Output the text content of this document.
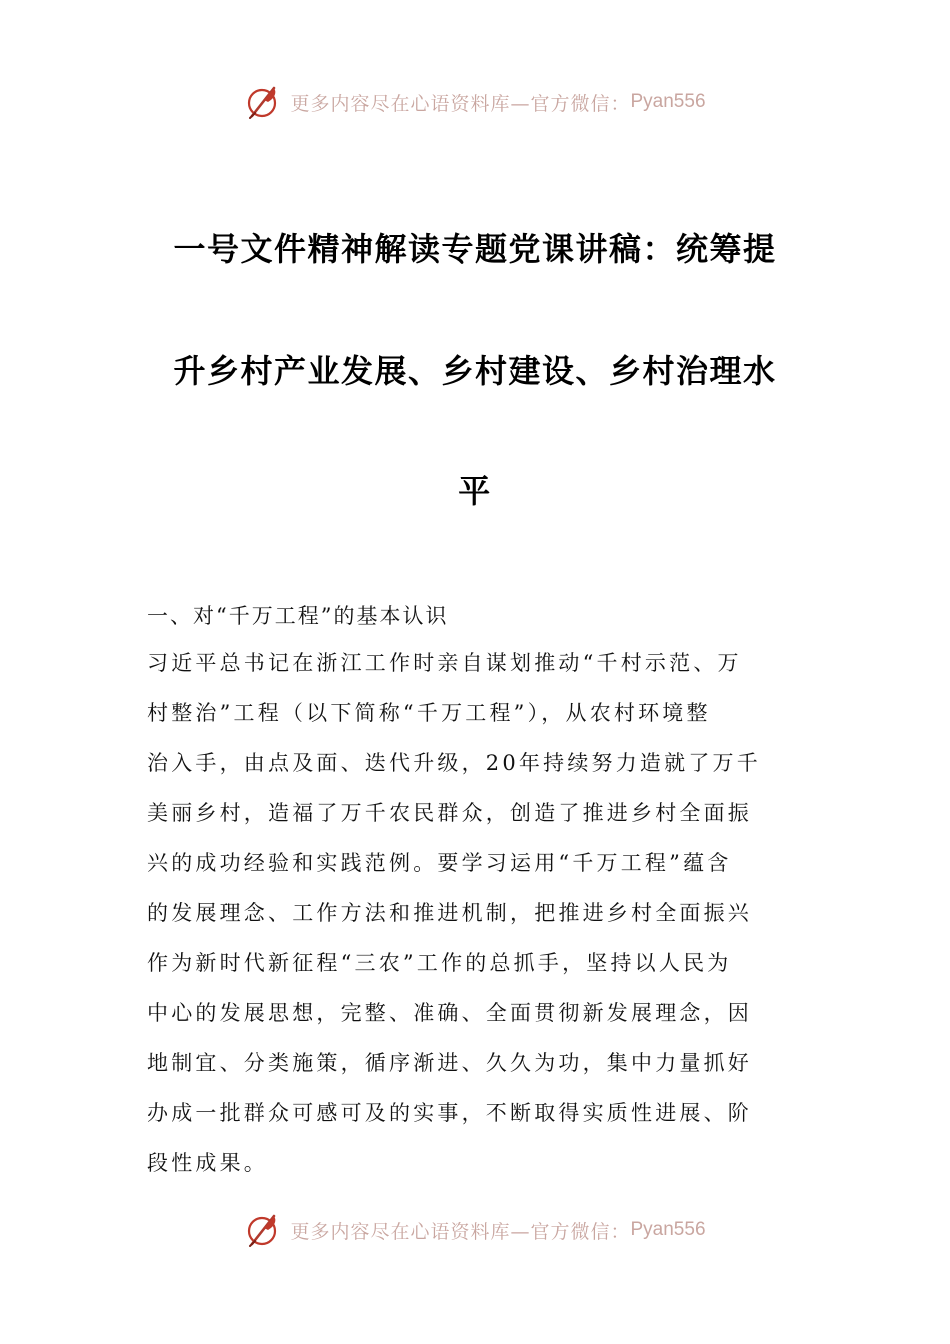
更多内容尽在心语资料库—官方微信： Pyan556
一号文件精神解读专题党课讲稿：统筹提
升乡村产业发展、乡村建设、乡村治理水
平
一、对“千万工程”的基本认识
习近平总书记在浙江工作时亲自谋划推动“千村示范、万
村整治”工程（以下简称“千万工程”），从农村环境整
治入手，由点及面、迭代升级，20年持续努力造就了万千
美丽乡村，造福了万千农民群众，创造了推进乡村全面振
兴的成功经验和实践范例。要学习运用“千万工程”蕴含
的发展理念、工作方法和推进机制，把推进乡村全面振兴
作为新时代新征程“三农”工作的总抓手，坚持以人民为
中心的发展思想，完整、准确、全面贯彻新发展理念，因
地制宜、分类施策，循序渐进、久久为功，集中力量抓好
办成一批群众可感可及的实事，不断取得实质性进展、阶
段性成果。
更多内容尽在心语资料库—官方微信： Pyan556
